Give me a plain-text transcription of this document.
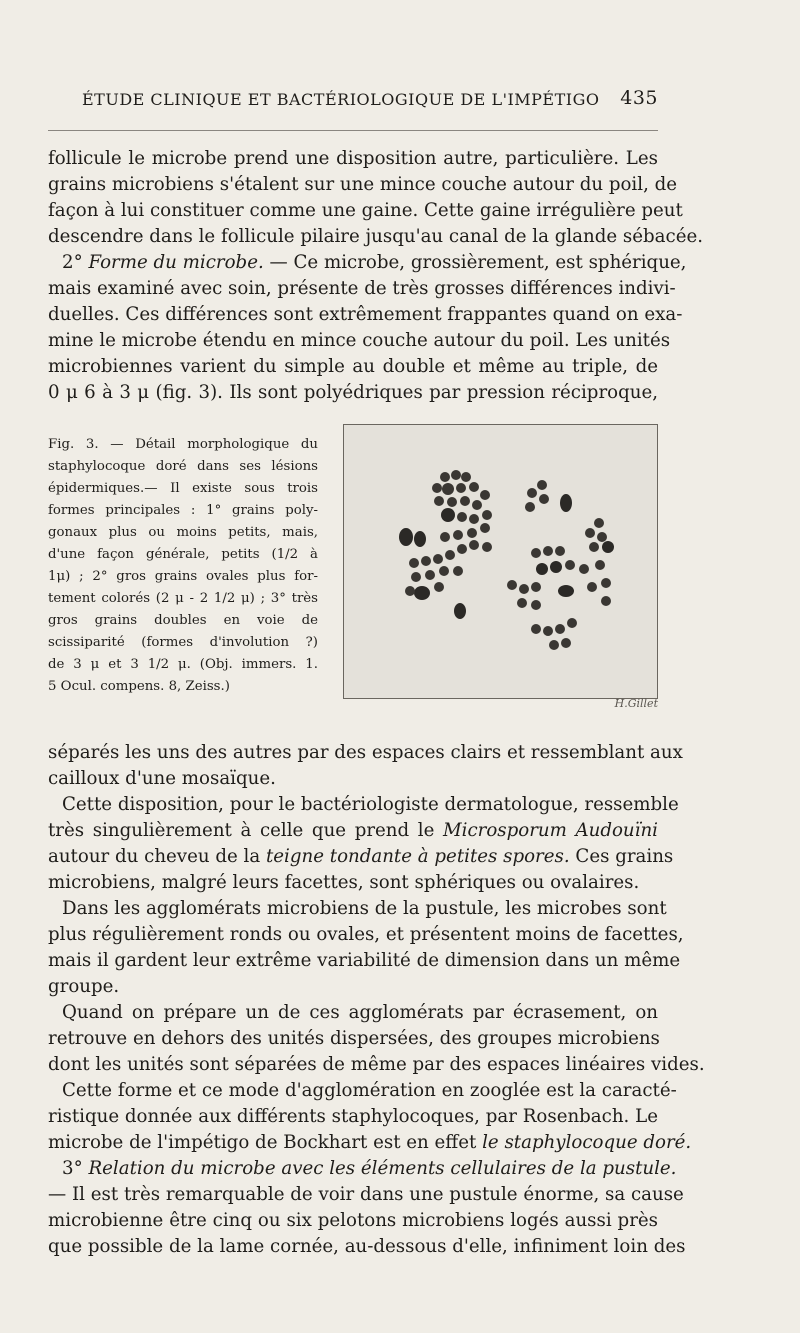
ÉTUDE CLINIQUE ET BACTÉRIOLOGIQUE DE L'IMPÉTIGO 435
follicule le microbe prend une disposition autre, particulière. Les
grains microbiens s'étalent sur une mince couche autour du poil, de
façon à lui constituer comme une gaine. Cette gaine irrégulière peut
descendre dans le follicule pilaire jusqu'au canal de la glande sébacée.
2° Forme du microbe. — Ce microbe, grossièrement, est sphérique,
mais examiné avec soin, présente de très grosses différences indivi-
duelles. Ces différences sont extrêmement frappantes quand on exa-
mine le microbe étendu en mince couche autour du poil. Les unités
microbiennes varient du simple au double et même au triple, de
0 μ 6 à 3 μ (fig. 3). Ils sont polyédriques par pression réciproque,
Fig. 3. — Détail morphologique du
staphylocoque doré dans ses lésions
épidermiques.— Il existe sous trois
formes principales : 1° grains poly-
gonaux plus ou moins petits, mais,
d'une façon générale, petits (1/2 à
1μ) ; 2° gros grains ovales plus for-
tement colorés (2 μ - 2 1/2 μ) ; 3° très
gros grains doubles en voie de
scissiparité (formes d'involution ?)
de 3 μ et 3 1/2 μ. (Obj. immers. 1.
5 Ocul. compens. 8, Zeiss.)
H.Gillet
séparés les uns des autres par des espaces clairs et ressemblant aux
cailloux d'une mosaïque.
Cette disposition, pour le bactériologiste dermatologue, ressemble
très singulièrement à celle que prend le Microsporum Audouïni
autour du cheveu de la teigne tondante à petites spores. Ces grains
microbiens, malgré leurs facettes, sont sphériques ou ovalaires.
Dans les agglomérats microbiens de la pustule, les microbes sont
plus régulièrement ronds ou ovales, et présentent moins de facettes,
mais il gardent leur extrême variabilité de dimension dans un même
groupe.
Quand on prépare un de ces agglomérats par écrasement, on
retrouve en dehors des unités dispersées, des groupes microbiens
dont les unités sont séparées de même par des espaces linéaires vides.
Cette forme et ce mode d'agglomération en zooglée est la caracté-
ristique donnée aux différents staphylocoques, par Rosenbach. Le
microbe de l'impétigo de Bockhart est en effet le staphylocoque doré.
3° Relation du microbe avec les éléments cellulaires de la pustule.
— Il est très remarquable de voir dans une pustule énorme, sa cause
microbienne être cinq ou six pelotons microbiens logés aussi près
que possible de la lame cornée, au-dessous d'elle, infiniment loin des
